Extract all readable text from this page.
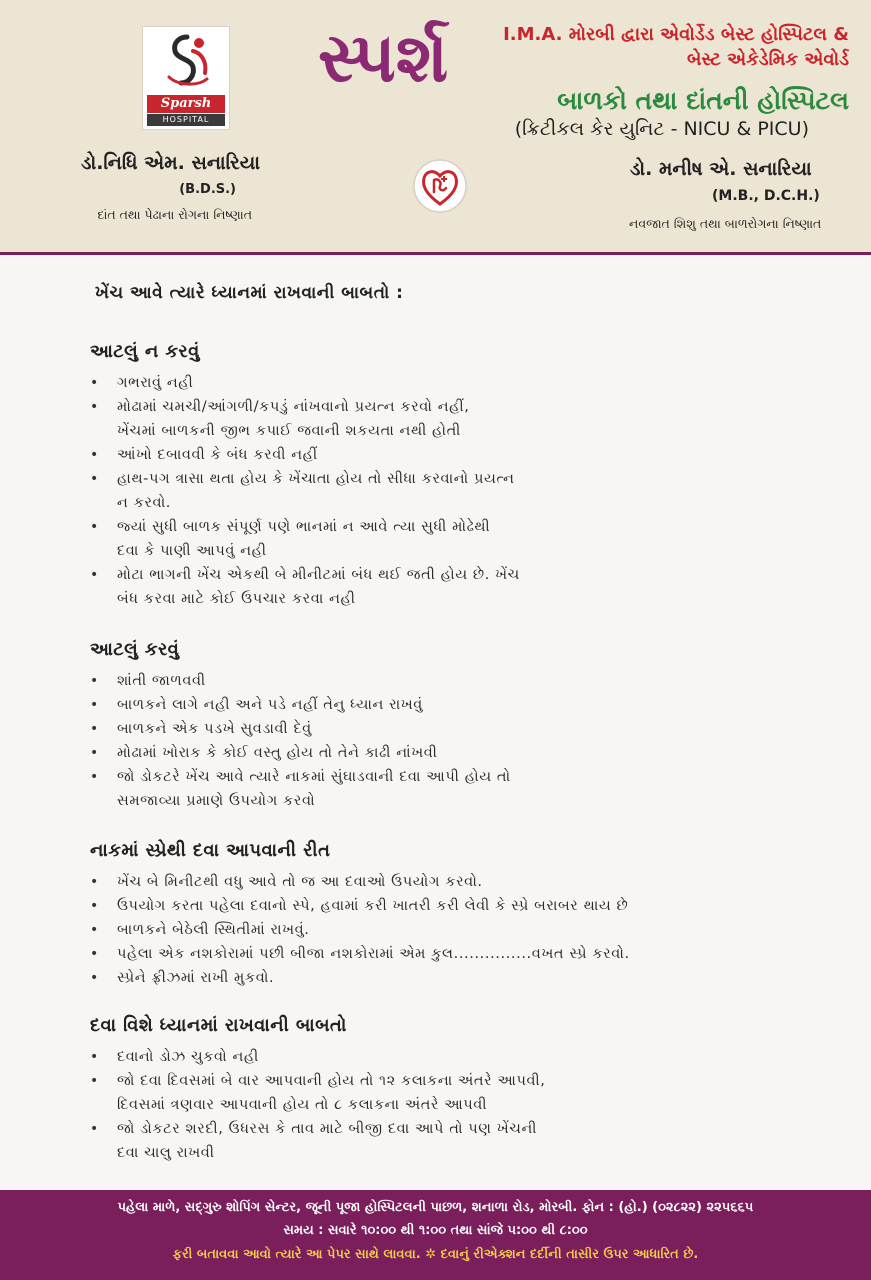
Sparsh
HOSPITAL
સ્પર્શ	I.M.A. મોરબી દ્વારા એવોર્ડેડ બેસ્ટ હોસ્પિટલ &
બેસ્ટ એકેડેમિક એવોર્ડ
બાળકો તથા દાંતની હોસ્પિટલ
(ક્રિટીકલ કેર યુનિટ - NICU & PICU)
ડો.નિધિ એમ. સનારિયા
(B.D.S.)
દાંત તથા પેઢાના રોગના નિષ્ણાત
ડો. મનીષ એ. સનારિયા
(M.B., D.C.H.)
નવજાત શિશુ તથા બાળરોગના નિષ્ણાત
ખેંચ આવે ત્યારે ધ્યાનમાં રાખવાની બાબતો :
આટલું ન કરવું
• ગભરાવું નહી
• મોઢામાં ચમચી/આંગળી/કપડું નાંખવાનો પ્રયત્ન કરવો નહીં,
ખેંચમાં બાળકની જીભ કપાઈ જવાની શકયતા નથી હોતી
• આંખો દબાવવી કે બંધ કરવી નહીં
• હાથ-પગ ત્રાસા થતા હોય કે ખેંચાતા હોય તો સીધા કરવાનો પ્રયત્ન
ન કરવો.
• જ્યાં સુધી બાળક સંપૂર્ણ પણે ભાનમાં ન આવે ત્યા સુધી મોઢેથી
દવા કે પાણી આપવું નહી
• મોટા ભાગની ખેંચ એકથી બે મીનીટમાં બંધ થઈ જતી હોય છે. ખેંચ
બંધ કરવા માટે કોઈ ઉપચાર કરવા નહી
આટલું કરવું
• શાંતી જાળવવી
• બાળકને લાગે નહી અને પડે નહીં તેનુ ધ્યાન રાખવું
• બાળકને એક પડખે સુવડાવી દેવું
• મોઢામાં ખોરાક કે કોઈ વસ્તુ હોય તો તેને કાઢી નાંખવી
• જો ડોકટરે ખેંચ આવે ત્યારે નાકમાં સુંઘાડવાની દવા આપી હોય તો
સમજાવ્યા પ્રમાણે ઉપયોગ કરવો
નાકમાં સ્પ્રેથી દવા આપવાની રીત
• ખેંચ બે મિનીટથી વધુ આવે તો જ આ દવાઓ ઉપયોગ કરવો.
• ઉપયોગ કરતા પહેલા દવાનો સ્પે, હવામાં કરી ખાતરી કરી લેવી કે સ્પ્રે બરાબર થાય છે
• બાળકને બેઠેલી સ્થિતીમાં રાખવું.
• પહેલા એક નશકોરામાં પછી બીજા નશકોરામાં એમ કુલ...............વખત સ્પ્રે કરવો.
• સ્પ્રેને ફ્રીઝમાં રાખી મુકવો.
દવા વિશે ધ્યાનમાં રાખવાની બાબતો
• દવાનો ડોઝ ચુકવો નહી
• જો દવા દિવસમાં બે વાર આપવાની હોય તો ૧૨ કલાકના અંતરે આપવી,
દિવસમાં ત્રણવાર આપવાની હોય તો ૮ કલાકના અંતરે આપવી
• જો ડોકટર શરદી, ઉધરસ કે તાવ માટે બીજી દવા આપે તો પણ ખેંચની
દવા ચાલુ રાખવી
પહેલા માળે, સદ્ગુરુ શોપિંગ સેન્ટર, જૂની પૂજા હોસ્પિટલની પાછળ, શનાળા રોડ, મોરબી. ફોન : (હો.) (૦૨૮૨૨) ૨૨૫૬૬૫
સમય : સવારે ૧૦:૦૦ થી ૧:૦૦ તથા સાંજે ૫:૦૦ થી ૮:૦૦
ફરી બતાવવા આવો ત્યારે આ પેપર સાથે લાવવા. ✲ દવાનું રીએક્શન દર્દીની તાસીર ઉપર આધારિત છે.
